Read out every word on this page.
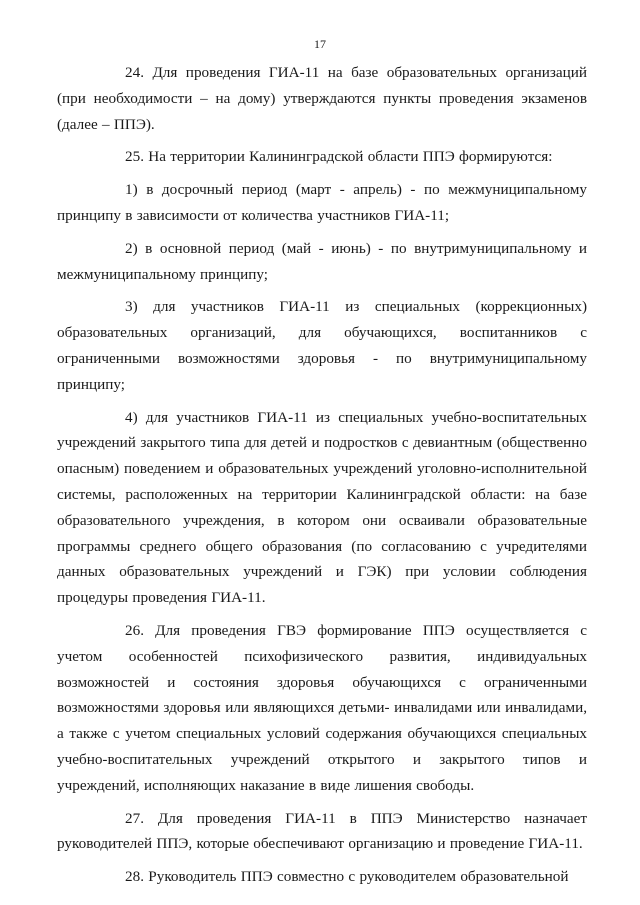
17

24. Для проведения ГИА-11 на базе образовательных организаций (при необходимости – на дому) утверждаются пункты проведения экзаменов (далее – ППЭ).

25. На территории Калининградской области ППЭ формируются:

1) в досрочный период (март - апрель) - по межмуниципальному принципу в зависимости от количества участников ГИА-11;

2) в основной период (май - июнь) - по внутримуниципальному и межмуниципальному принципу;

3) для участников ГИА-11 из специальных (коррекционных) образовательных организаций, для обучающихся, воспитанников с ограниченными возможностями здоровья - по внутримуниципальному принципу;

4) для участников ГИА-11 из специальных учебно-воспитательных учреждений закрытого типа для детей и подростков с девиантным (общественно опасным) поведением и образовательных учреждений уголовно-исполнительной системы, расположенных на территории Калининградской области: на базе образовательного учреждения, в котором они осваивали образовательные программы среднего общего образования (по согласованию с учредителями данных образовательных учреждений и ГЭК) при условии соблюдения процедуры проведения ГИА-11.

26. Для проведения ГВЭ формирование ППЭ осуществляется с учетом особенностей психофизического развития, индивидуальных возможностей и состояния здоровья обучающихся с ограниченными возможностями здоровья или являющихся детьми- инвалидами или инвалидами, а также с учетом специальных условий содержания обучающихся специальных учебно-воспитательных учреждений открытого и закрытого типов и учреждений, исполняющих наказание в виде лишения свободы.

27. Для проведения ГИА-11 в ППЭ Министерство назначает руководителей ППЭ, которые обеспечивают организацию и проведение ГИА-11.

28. Руководитель ППЭ совместно с руководителем образовательной
